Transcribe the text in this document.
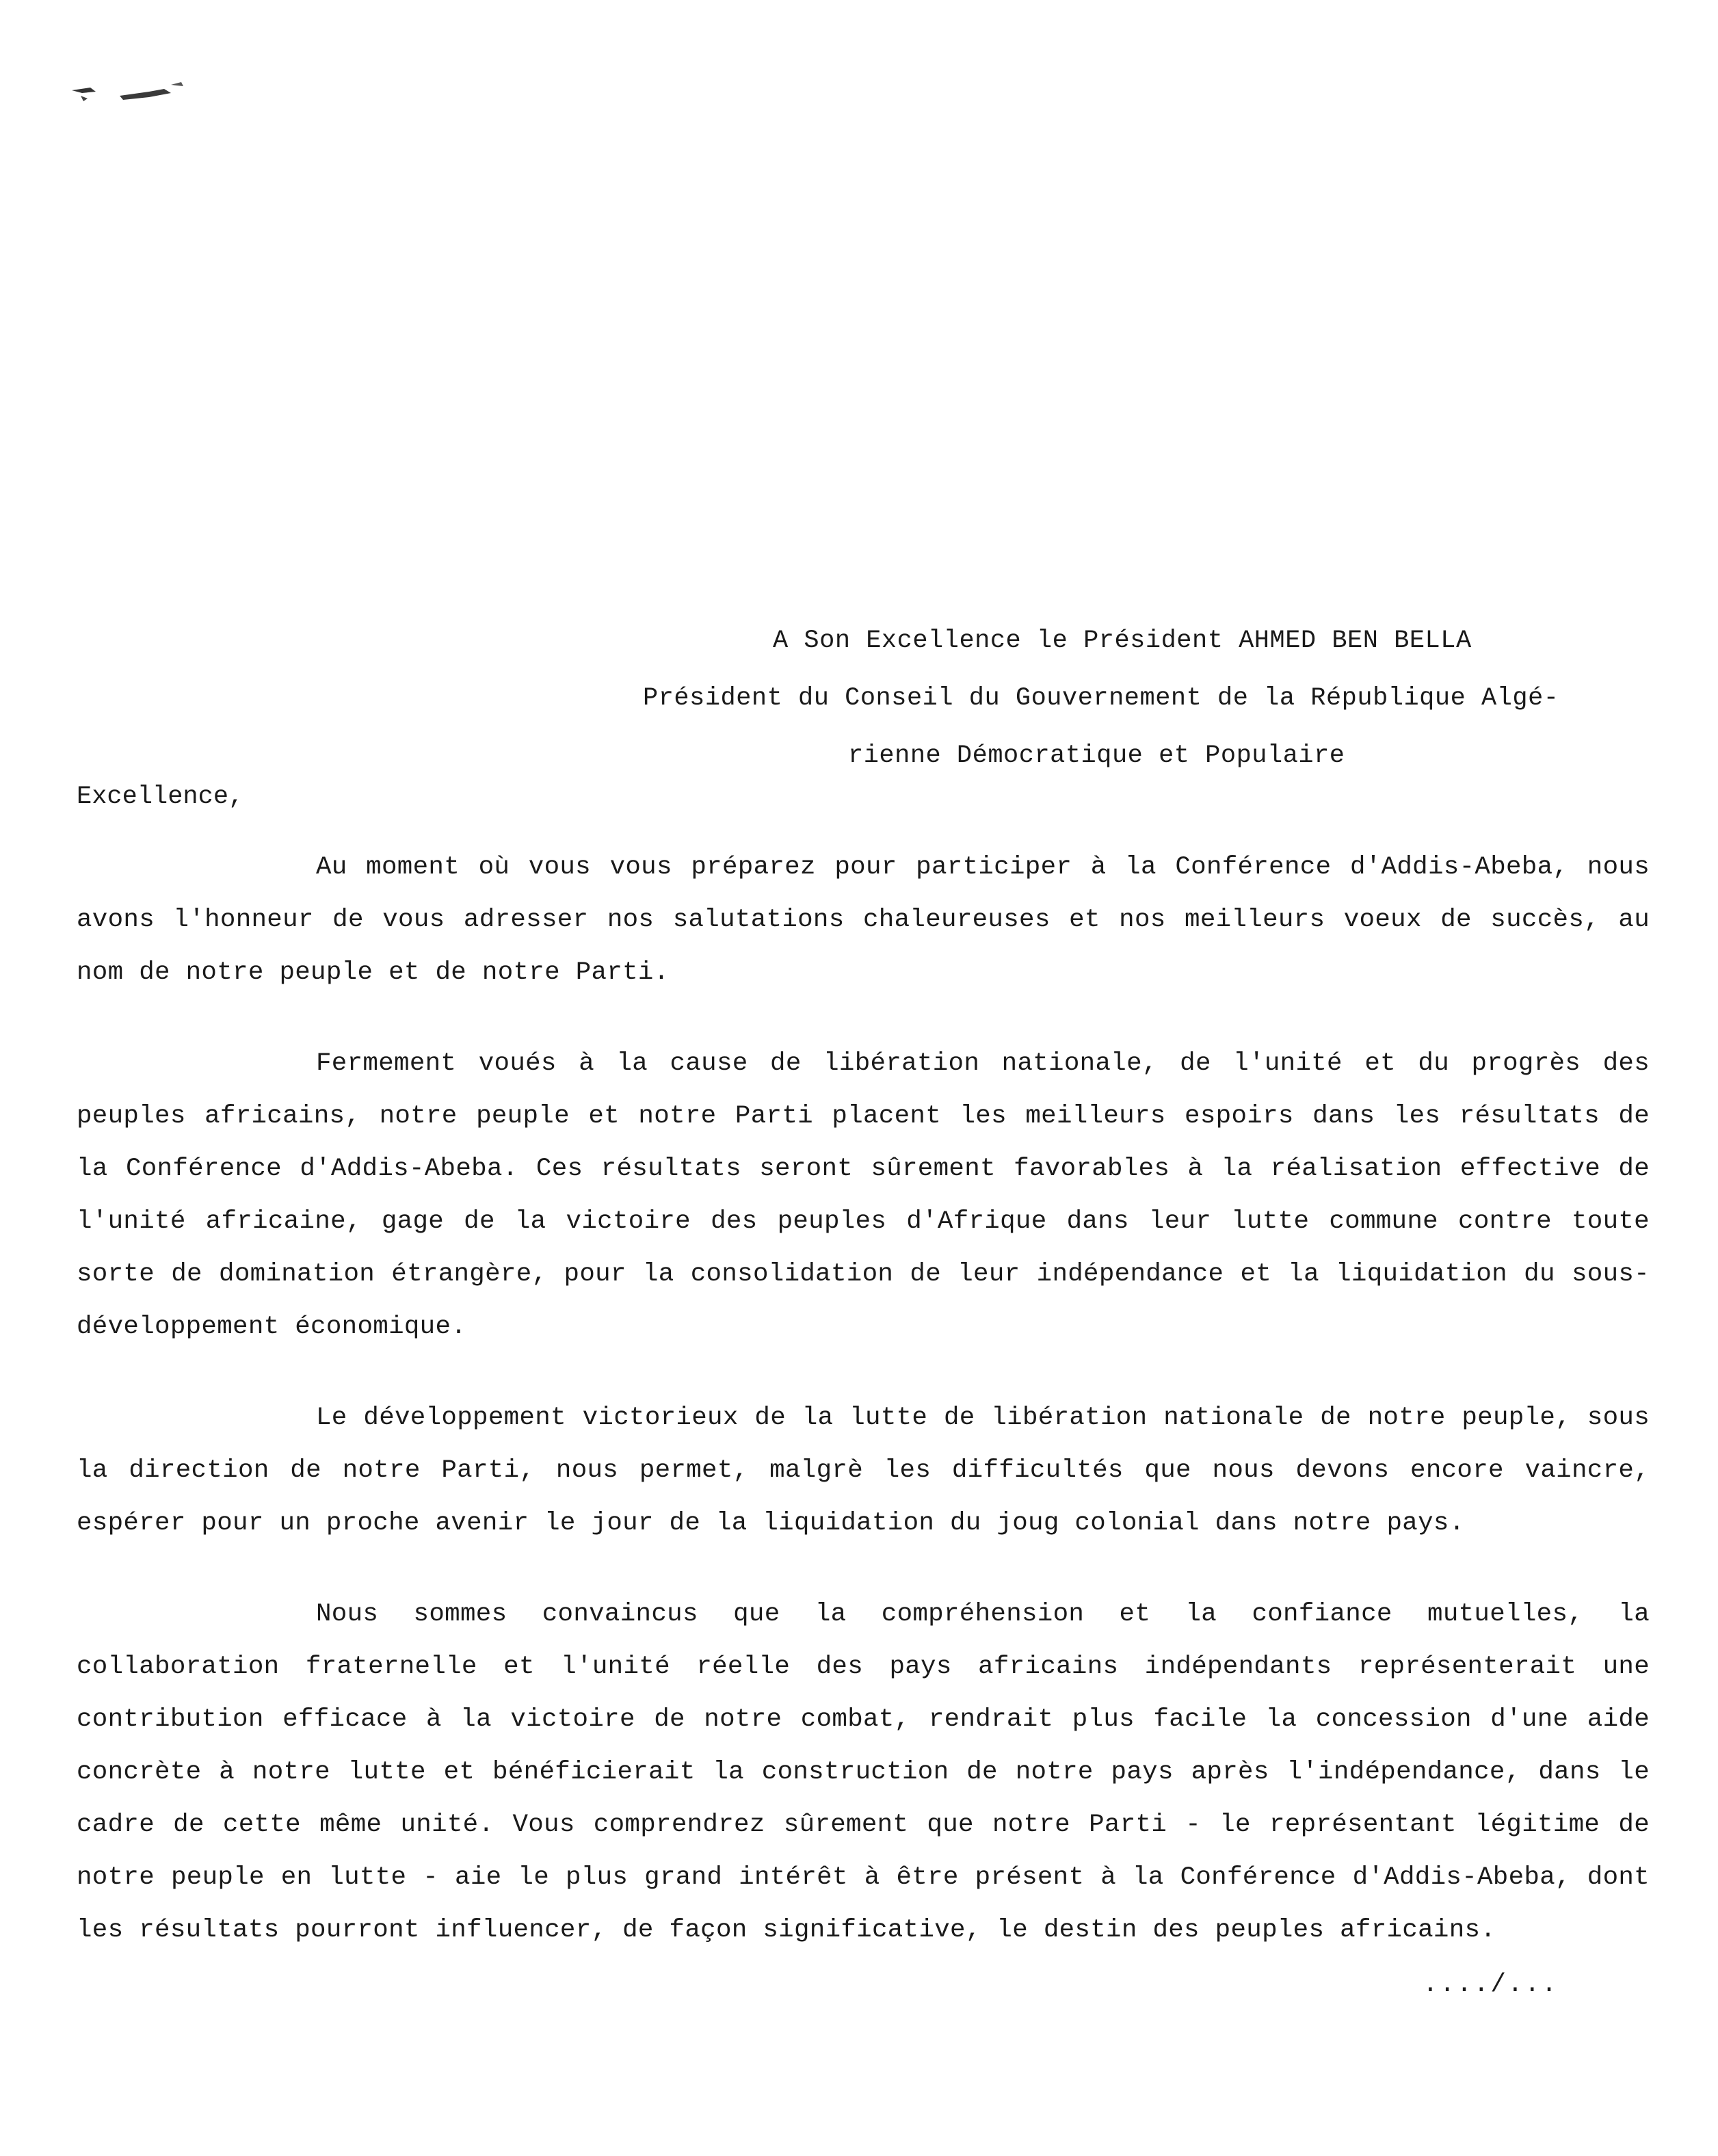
A Son Excellence le Président AHMED BEN BELLA
Président du Conseil du Gouvernement de la République Algé-
rienne Démocratique et Populaire
Excellence,

Au moment où vous vous préparez pour participer à la Conférence d'Addis-Abeba, nous avons l'honneur de vous adresser nos salutations chaleureuses et nos meilleurs voeux de succès, au nom de notre peuple et de notre Parti.

Fermement voués à la cause de libération nationale, de l'unité et du progrès des peuples africains, notre peuple et notre Parti placent les meilleurs espoirs dans les résultats de la Conférence d'Addis-Abeba. Ces résultats seront sûrement favorables à la réalisation effective de l'unité africaine, gage de la victoire des peuples d'Afrique dans leur lutte commune contre toute sorte de domination étrangère, pour la consolidation de leur indépendance et la liquidation du sous-développement économique.

Le développement victorieux de la lutte de libération nationale de notre peuple, sous la direction de notre Parti, nous permet, malgrè les difficultés que nous devons encore vaincre, espérer pour un proche avenir le jour de la liquidation du joug colonial dans notre pays.

Nous sommes convaincus que la compréhension et la confiance mutuelles, la collaboration fraternelle et l'unité réelle des pays africains indépendants représenterait une contribution efficace à la victoire de notre combat, rendrait plus facile la concession d'une aide concrète à notre lutte et bénéficierait la construction de notre pays après l'indépendance, dans le cadre de cette même unité. Vous comprendrez sûrement que notre Parti - le représentant légitime de notre peuple en lutte - aie le plus grand intérêt à être présent à la Conférence d'Addis-Abeba, dont les résultats pourront influencer, de façon significative, le destin des peuples africains.

..../...
